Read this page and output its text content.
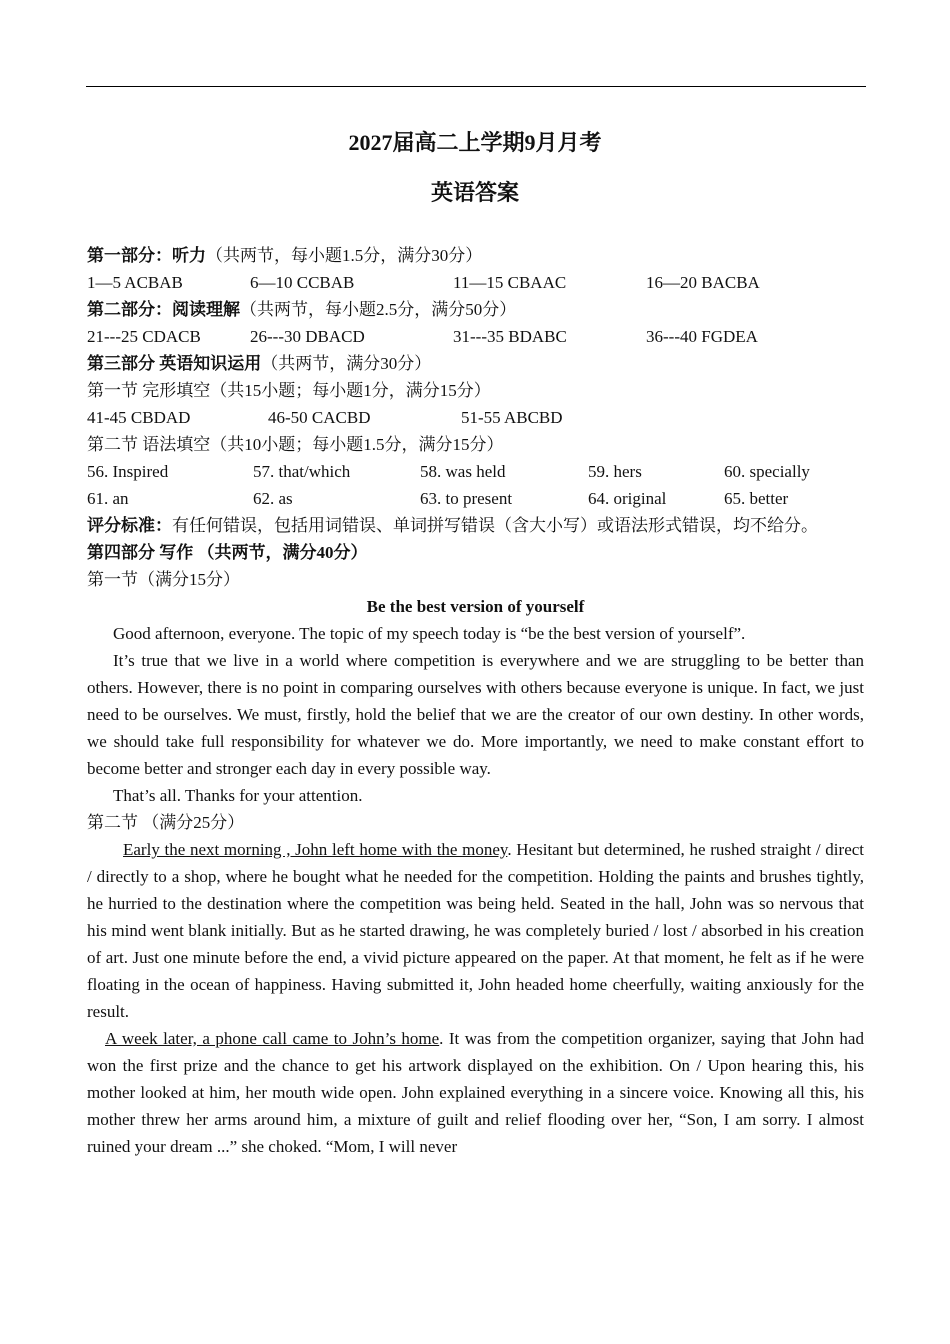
2027届高二上学期9月月考
英语答案
第一部分：听力（共两节，每小题1.5分，满分30分）
1—5 ACBAB	6—10 CCBAB	11—15 CBAAC	16—20 BACBA
第二部分：阅读理解（共两节，每小题2.5分，满分50分）
21---25 CDACB	26---30 DBACD	31---35 BDABC	36---40 FGDEA
第三部分 英语知识运用（共两节，满分30分）
第一节 完形填空（共15小题；每小题1分，满分15分）
41-45 CBDAD	46-50 CACBD	51-55 ABCBD
第二节 语法填空（共10小题；每小题1.5分，满分15分）
56. Inspired	57. that/which	58. was held	59. hers	60. specially
61. an	62. as	63. to present	64. original	65. better
评分标准：有任何错误，包括用词错误、单词拼写错误（含大小写）或语法形式错误，均不给分。
第四部分 写作 （共两节，满分40分）
第一节（满分15分）
Be the best version of yourself
Good afternoon, everyone. The topic of my speech today is “be the best version of yourself”.
It’s true that we live in a world where competition is everywhere and we are struggling to be better than others. However, there is no point in comparing ourselves with others because everyone is unique. In fact, we just need to be ourselves. We must, firstly, hold the belief that we are the creator of our own destiny. In other words, we should take full responsibility for whatever we do. More importantly, we need to make constant effort to become better and stronger each day in every possible way.
That’s all. Thanks for your attention.
第二节 （满分25分）
Early the next morning , John left home with the money. Hesitant but determined, he rushed straight / direct / directly to a shop, where he bought what he needed for the competition. Holding the paints and brushes tightly, he hurried to the destination where the competition was being held. Seated in the hall, John was so nervous that his mind went blank initially. But as he started drawing, he was completely buried / lost / absorbed in his creation of art. Just one minute before the end, a vivid picture appeared on the paper. At that moment, he felt as if he were floating in the ocean of happiness. Having submitted it, John headed home cheerfully, waiting anxiously for the result.
A week later, a phone call came to John’s home. It was from the competition organizer, saying that John had won the first prize and the chance to get his artwork displayed on the exhibition. On / Upon hearing this, his mother looked at him, her mouth wide open. John explained everything in a sincere voice. Knowing all this, his mother threw her arms around him, a mixture of guilt and relief flooding over her, “Son, I am sorry. I almost ruined your dream ...” she choked. “Mom, I will never
